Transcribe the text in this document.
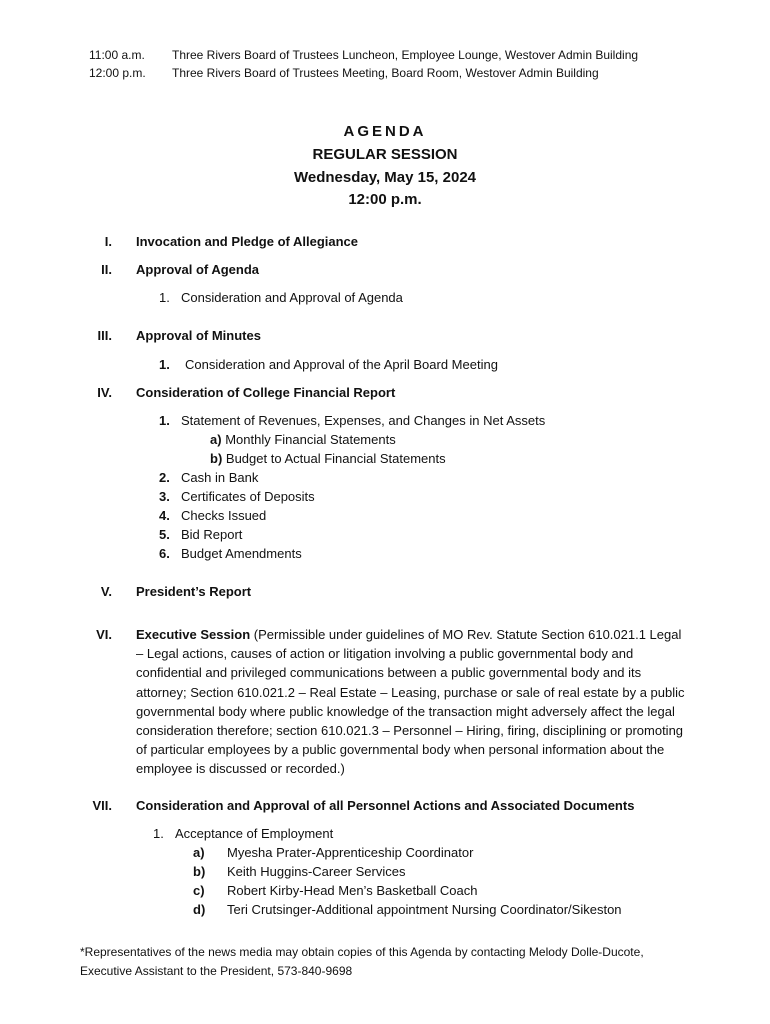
11:00 a.m. Three Rivers Board of Trustees Luncheon, Employee Lounge, Westover Admin Building
12:00 p.m. Three Rivers Board of Trustees Meeting, Board Room, Westover Admin Building
AGENDA
REGULAR SESSION
Wednesday, May 15, 2024
12:00 p.m.
I. Invocation and Pledge of Allegiance
II. Approval of Agenda
1. Consideration and Approval of Agenda
III. Approval of Minutes
1. Consideration and Approval of the April Board Meeting
IV. Consideration of College Financial Report
1. Statement of Revenues, Expenses, and Changes in Net Assets
a) Monthly Financial Statements
b) Budget to Actual Financial Statements
2. Cash in Bank
3. Certificates of Deposits
4. Checks Issued
5. Bid Report
6. Budget Amendments
V. President’s Report
VI. Executive Session (Permissible under guidelines of MO Rev. Statute Section 610.021.1 Legal – Legal actions, causes of action or litigation involving a public governmental body and confidential and privileged communications between a public governmental body and its attorney; Section 610.021.2 – Real Estate – Leasing, purchase or sale of real estate by a public governmental body where public knowledge of the transaction might adversely affect the legal consideration therefore; section 610.021.3 – Personnel – Hiring, firing, disciplining or promoting of particular employees by a public governmental body when personal information about the employee is discussed or recorded.)
VII. Consideration and Approval of all Personnel Actions and Associated Documents
1. Acceptance of Employment
a) Myesha Prater-Apprenticeship Coordinator
b) Keith Huggins-Career Services
c) Robert Kirby-Head Men’s Basketball Coach
d) Teri Crutsinger-Additional appointment Nursing Coordinator/Sikeston
*Representatives of the news media may obtain copies of this Agenda by contacting Melody Dolle-Ducote, Executive Assistant to the President, 573-840-9698
